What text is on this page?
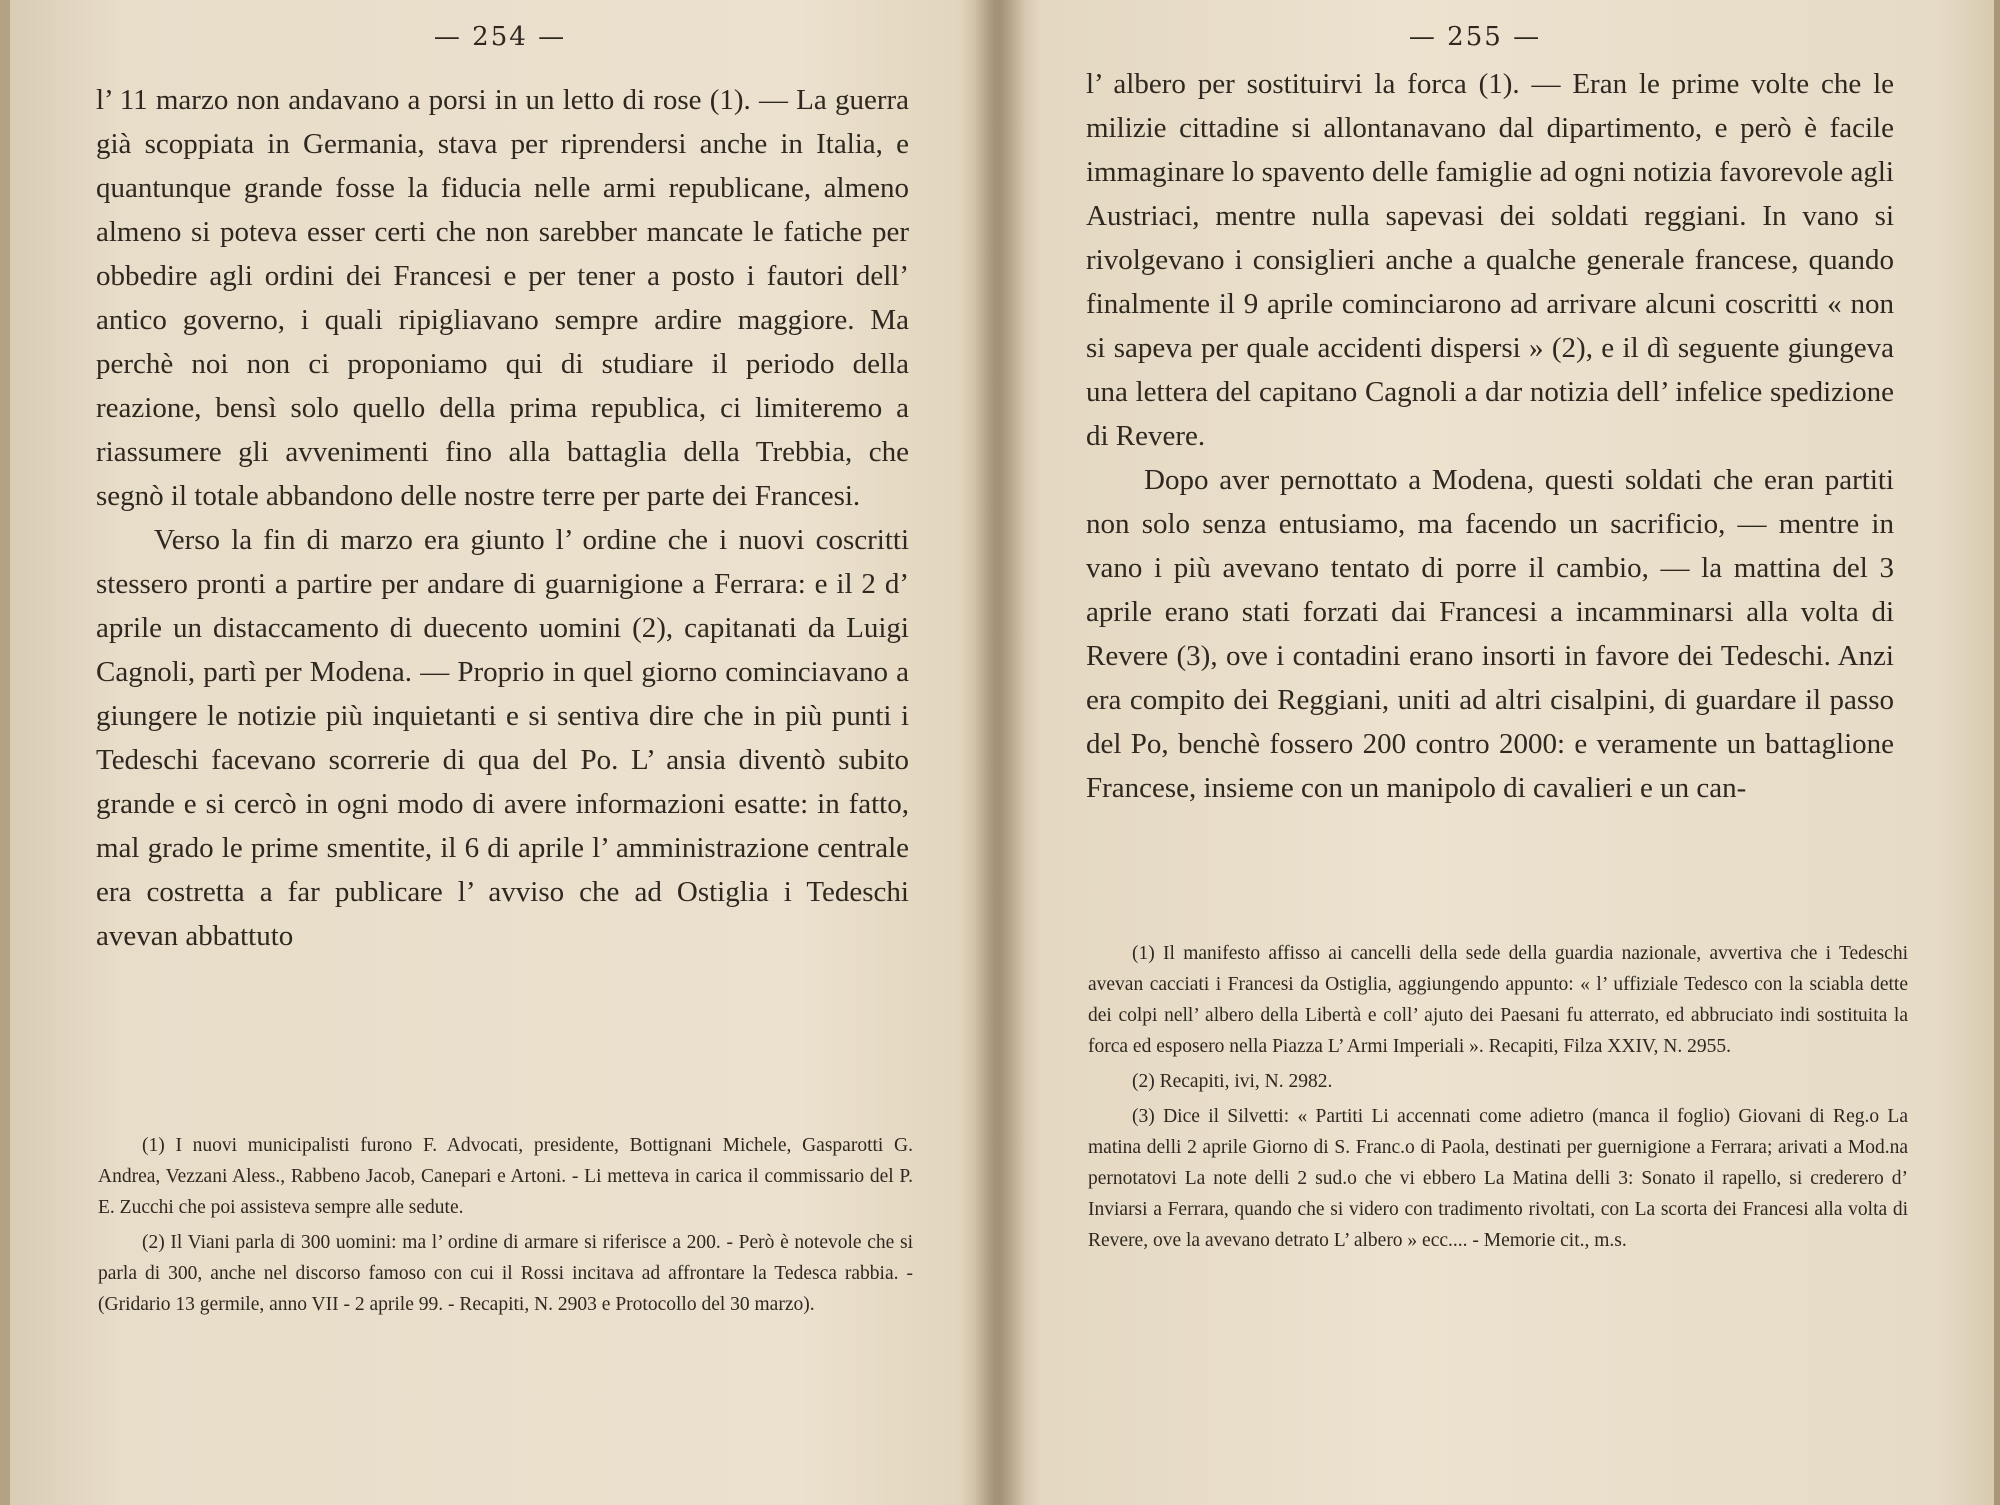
— 254 —

l’ 11 marzo non andavano a porsi in un letto di rose (1). — La guerra già scoppiata in Germania, stava per riprendersi anche in Italia, e quantunque grande fosse la fiducia nelle armi republicane, almeno almeno si poteva esser certi che non sarebber mancate le fatiche per obbedire agli ordini dei Francesi e per tener a posto i fautori dell’ antico governo, i quali ripigliavano sempre ardire maggiore. Ma perchè noi non ci proponiamo qui di studiare il periodo della reazione, bensì solo quello della prima republica, ci limiteremo a riassumere gli avvenimenti fino alla battaglia della Trebbia, che segnò il totale abbandono delle nostre terre per parte dei Francesi.

Verso la fin di marzo era giunto l’ ordine che i nuovi coscritti stessero pronti a partire per andare di guarnigione a Ferrara: e il 2 d’ aprile un distaccamento di duecento uomini (2), capitanati da Luigi Cagnoli, partì per Modena. — Proprio in quel giorno cominciavano a giungere le notizie più inquietanti e si sentiva dire che in più punti i Tedeschi facevano scorrerie di qua del Po. L’ ansia diventò subito grande e si cercò in ogni modo di avere informazioni esatte: in fatto, mal grado le prime smentite, il 6 di aprile l’ amministrazione centrale era costretta a far publicare l’ avviso che ad Ostiglia i Tedeschi avevan abbattuto

(1) I nuovi municipalisti furono F. Advocati, presidente, Bottignani Michele, Gasparotti G. Andrea, Vezzani Aless., Rabbeno Jacob, Canepari e Artoni. - Li metteva in carica il commissario del P. E. Zucchi che poi assisteva sempre alle sedute.

(2) Il Viani parla di 300 uomini: ma l’ ordine di armare si riferisce a 200. - Però è notevole che si parla di 300, anche nel discorso famoso con cui il Rossi incitava ad affrontare la Tedesca rabbia. - (Gridario 13 germile, anno VII - 2 aprile 99. - Recapiti, N. 2903 e Protocollo del 30 marzo).

— 255 —

l’ albero per sostituirvi la forca (1). — Eran le prime volte che le milizie cittadine si allontanavano dal dipartimento, e però è facile immaginare lo spavento delle famiglie ad ogni notizia favorevole agli Austriaci, mentre nulla sapevasi dei soldati reggiani. In vano si rivolgevano i consiglieri anche a qualche generale francese, quando finalmente il 9 aprile cominciarono ad arrivare alcuni coscritti « non si sapeva per quale accidenti dispersi » (2), e il dì seguente giungeva una lettera del capitano Cagnoli a dar notizia dell’ infelice spedizione di Revere.

Dopo aver pernottato a Modena, questi soldati che eran partiti non solo senza entusiamo, ma facendo un sacrificio, — mentre in vano i più avevano tentato di porre il cambio, — la mattina del 3 aprile erano stati forzati dai Francesi a incamminarsi alla volta di Revere (3), ove i contadini erano insorti in favore dei Tedeschi. Anzi era compito dei Reggiani, uniti ad altri cisalpini, di guardare il passo del Po, benchè fossero 200 contro 2000: e veramente un battaglione Francese, insieme con un manipolo di cavalieri e un can-

(1) Il manifesto affisso ai cancelli della sede della guardia nazionale, avvertiva che i Tedeschi avevan cacciati i Francesi da Ostiglia, aggiungendo appunto: « l’ uffiziale Tedesco con la sciabla dette dei colpi nell’ albero della Libertà e coll’ ajuto dei Paesani fu atterrato, ed abbruciato indi sostituita la forca ed esposero nella Piazza L’ Armi Imperiali ». Recapiti, Filza XXIV, N. 2955.

(2) Recapiti, ivi, N. 2982.

(3) Dice il Silvetti: « Partiti Li accennati come adietro (manca il foglio) Giovani di Reg.o La matina delli 2 aprile Giorno di S. Franc.o di Paola, destinati per guernigione a Ferrara; arivati a Mod.na pernotatovi La note delli 2 sud.o che vi ebbero La Matina delli 3: Sonato il rapello, si crederero d’ Inviarsi a Ferrara, quando che si videro con tradimento rivoltati, con La scorta dei Francesi alla volta di Revere, ove la avevano detrato L’ albero » ecc.... - Memorie cit., m.s.
